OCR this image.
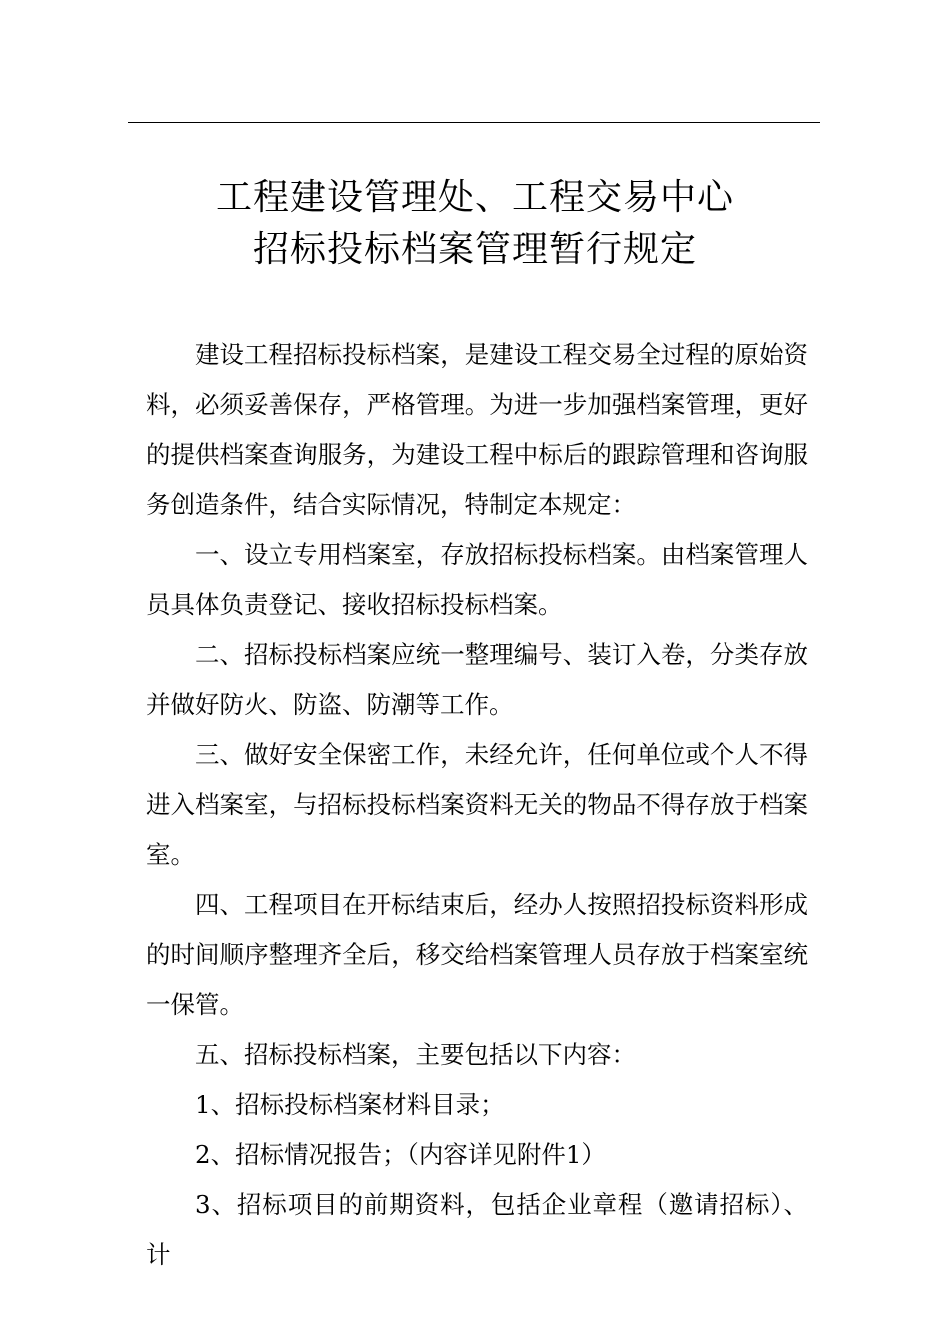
工程建设管理处、工程交易中心
招标投标档案管理暂行规定

建设工程招标投标档案，是建设工程交易全过程的原始资料，必须妥善保存，严格管理。为进一步加强档案管理，更好的提供档案查询服务，为建设工程中标后的跟踪管理和咨询服务创造条件，结合实际情况，特制定本规定：

一、设立专用档案室，存放招标投标档案。由档案管理人员具体负责登记、接收招标投标档案。

二、招标投标档案应统一整理编号、装订入卷，分类存放并做好防火、防盗、防潮等工作。

三、做好安全保密工作，未经允许，任何单位或个人不得进入档案室，与招标投标档案资料无关的物品不得存放于档案室。

四、工程项目在开标结束后，经办人按照招投标资料形成的时间顺序整理齐全后，移交给档案管理人员存放于档案室统一保管。

五、招标投标档案，主要包括以下内容：

1、招标投标档案材料目录；

2、招标情况报告；（内容详见附件1）

3、招标项目的前期资料，包括企业章程（邀请招标）、计
